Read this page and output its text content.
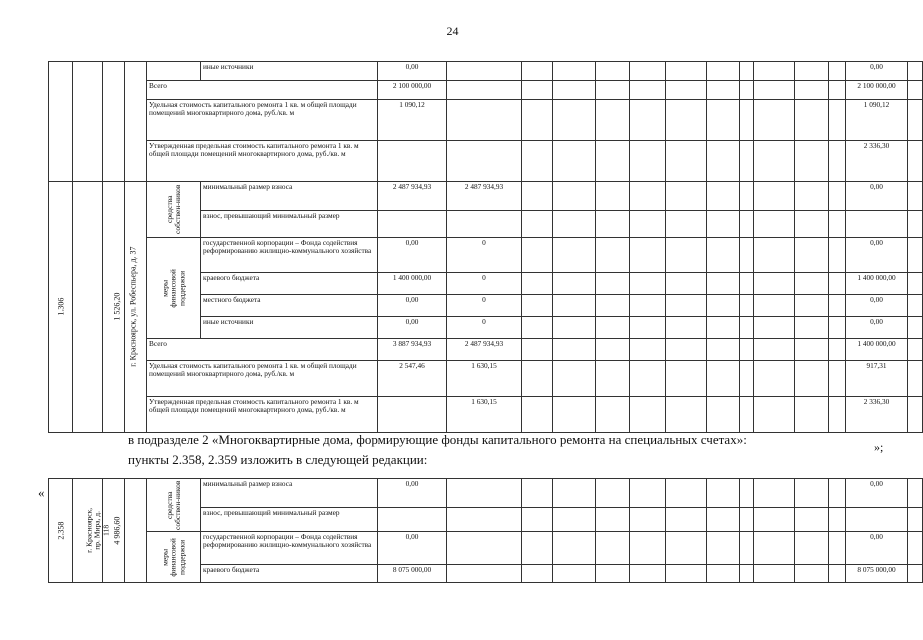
24
					иные источники	0,00												0,00	
				Всего		2 100 000,00												2 100 000,00	
				Удельная стоимость капитального ремонта 1 кв. м общей площади помещений многоквартирного дома, руб./кв. м		1 090,12												1 090,12	
				Утвержденная предельная стоимость капитального ремонта 1 кв. м общей площади помещений многоквартирного дома, руб./кв. м														2 336,30	
1.306	г. Красноярск, ул. Робеспьера, д. 37	1 526,20		средства собствен-ников	минимальный размер взноса	2 487 934,93	2 487 934,93											0,00	
					взнос, превышающий минимальный размер														
				меры финансовой поддержки	государственной корпорации – Фонда содействия реформированию жилищно-коммунального хозяйства	0,00	0											0,00	
					краевого бюджета	1 400 000,00	0											1 400 000,00	
					местного бюджета	0,00	0											0,00	
					иные источники	0,00	0											0,00	
				Всего		3 887 934,93	2 487 934,93											1 400 000,00	
				Удельная стоимость капитального ремонта 1 кв. м общей площади помещений многоквартирного дома, руб./кв. м		2 547,46	1 630,15											917,31	
				Утвержденная предельная стоимость капитального ремонта 1 кв. м общей площади помещений многоквартирного дома, руб./кв. м			1 630,15											2 336,30	
»;
в подразделе 2 «Многоквартирные дома, формирующие фонды капитального ремонта на специальных счетах»:
пункты 2.358, 2.359 изложить в следующей редакции:
«
2.358	г. Красноярск, пр. Мира, д. 118	4 986,60		средства собствен-ников	минимальный размер взноса	0,00												0,00	
					взнос, превышающий минимальный размер														
				меры финансовой поддержки	государственной корпорации – Фонда содействия реформированию жилищно-коммунального хозяйства	0,00												0,00	
					краевого бюджета	8 075 000,00												8 075 000,00	
